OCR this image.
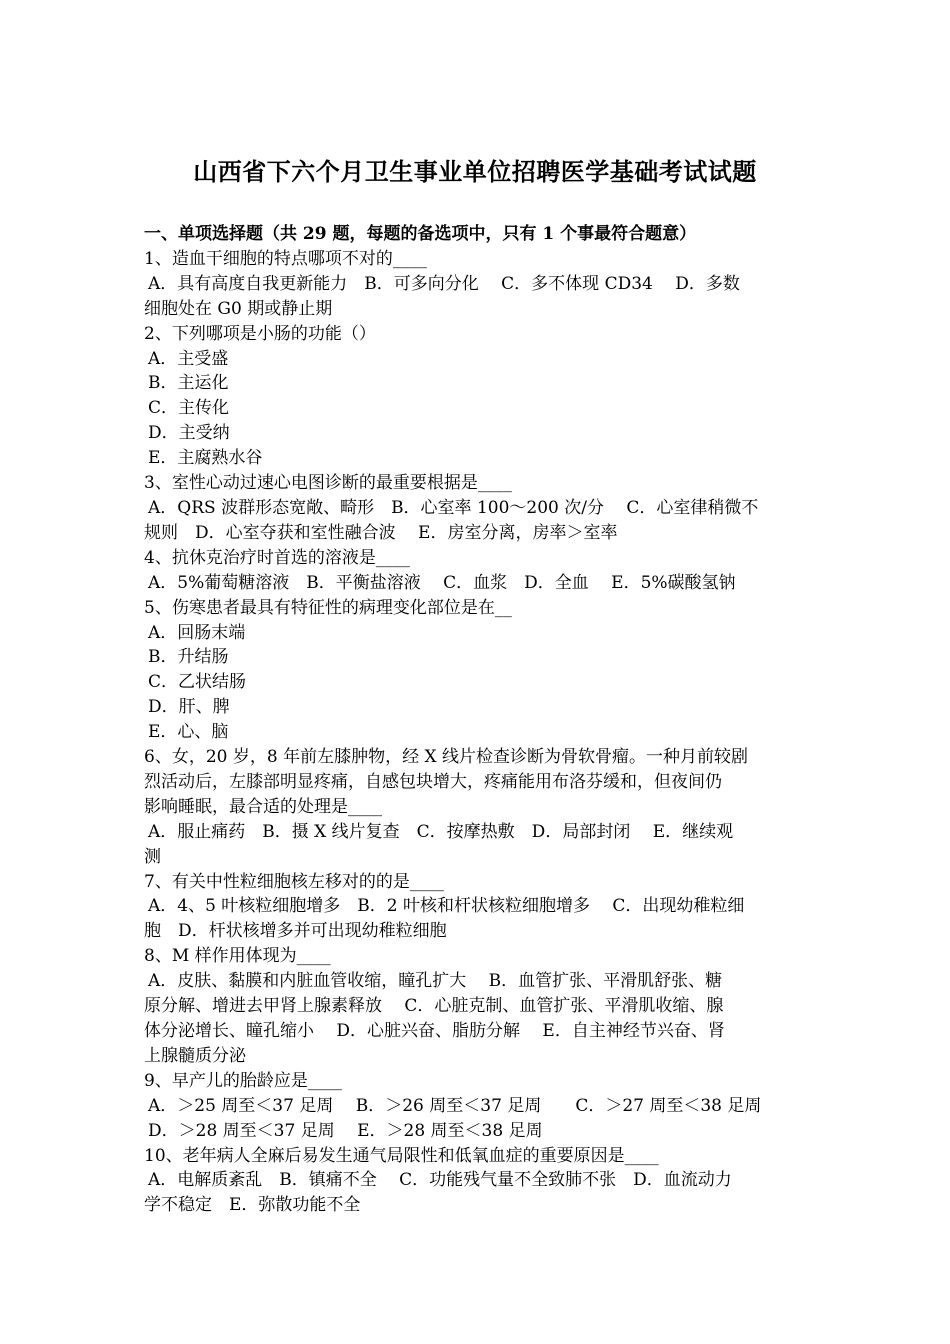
山西省下六个月卫生事业单位招聘医学基础考试试题
一、单项选择题（共 29 题，每题的备选项中，只有 1 个事最符合题意）
1、造血干细胞的特点哪项不对的____
A．具有高度自我更新能力　B．可多向分化　 C．多不体现 CD34　 D．多数
细胞处在 G0 期或静止期
2、下列哪项是小肠的功能（）
A．主受盛
B．主运化
C．主传化
D．主受纳
E．主腐熟水谷
3、室性心动过速心电图诊断的最重要根据是____
A．QRS 波群形态宽敞、畸形　B．心室率 100～200 次/分　 C．心室律稍微不
规则　D．心室夺获和室性融合波　 E．房室分离，房率＞室率
4、抗休克治疗时首选的溶液是____
A．5%葡萄糖溶液　B．平衡盐溶液　 C．血浆　D．全血　 E．5%碳酸氢钠
5、伤寒患者最具有特征性的病理变化部位是在__
A．回肠末端
B．升结肠
C．乙状结肠
D．肝、脾
E．心、脑
6、女，20 岁，8 年前左膝肿物，经 X 线片检查诊断为骨软骨瘤。一种月前较剧
烈活动后，左膝部明显疼痛，自感包块增大，疼痛能用布洛芬缓和，但夜间仍
影响睡眠，最合适的处理是____
A．服止痛药　B．摄 X 线片复查　C．按摩热敷　D．局部封闭　 E．继续观
测
7、有关中性粒细胞核左移对的的是____
A．4、5 叶核粒细胞增多　B．2 叶核和杆状核粒细胞增多　 C．出现幼稚粒细
胞　D．杆状核增多并可出现幼稚粒细胞
8、M 样作用体现为____
A．皮肤、黏膜和内脏血管收缩，瞳孔扩大　 B．血管扩张、平滑肌舒张、糖
原分解、增进去甲肾上腺素释放　 C．心脏克制、血管扩张、平滑肌收缩、腺
体分泌增长、瞳孔缩小　 D．心脏兴奋、脂肪分解　 E．自主神经节兴奋、肾
上腺髓质分泌
9、早产儿的胎龄应是____
A．＞25 周至＜37 足周　 B．＞26 周至＜37 足周　　C．＞27 周至＜38 足周
D．＞28 周至＜37 足周　 E．＞28 周至＜38 足周
10、老年病人全麻后易发生通气局限性和低氧血症的重要原因是____
A．电解质紊乱　B．镇痛不全　 C．功能残气量不全致肺不张　D．血流动力
学不稳定　E．弥散功能不全
